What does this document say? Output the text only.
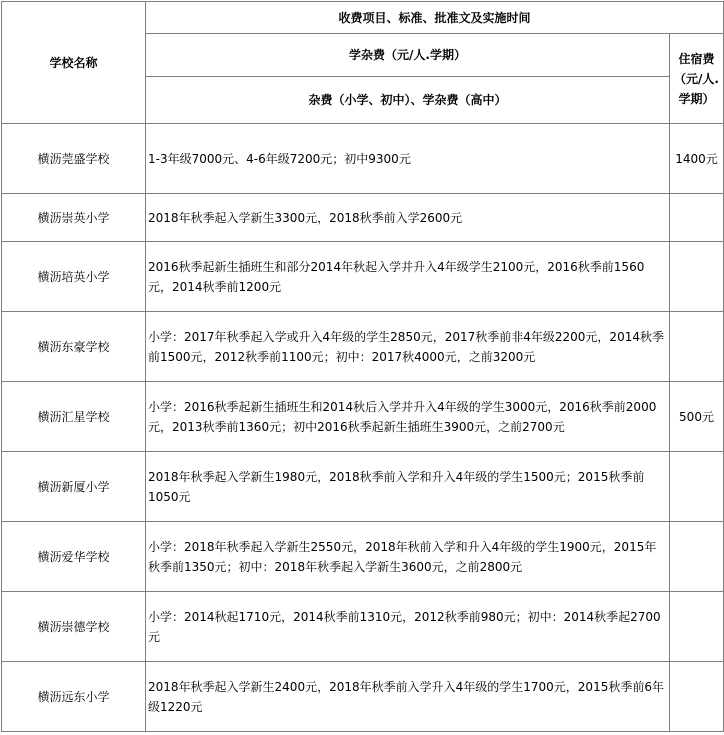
学校名称	收费项目、标准、批准文及实施时间	
	学杂费（元/人.学期）	住宿费（元/人.学期）
	杂费（小学、初中）、学杂费（高中）	
横沥莞盛学校	1-3年级7000元、4-6年级7200元；初中9300元	1400元
横沥崇英小学	2018年秋季起入学新生3300元，2018秋季前入学2600元	
横沥培英小学	2016秋季起新生插班生和部分2014年秋起入学并升入4年级学生2100元，2016秋季前1560元，2014秋季前1200元	
横沥东豪学校	小学：2017年秋季起入学或升入4年级的学生2850元，2017秋季前非4年级2200元，2014秋季前1500元，2012秋季前1100元；初中：2017秋4000元，之前3200元	
横沥汇星学校	小学：2016秋季起新生插班生和2014秋后入学并升入4年级的学生3000元，2016秋季前2000元，2013秋季前1360元；初中2016秋季起新生插班生3900元，之前2700元	500元
横沥新厦小学	2018年秋季起入学新生1980元，2018秋季前入学和升入4年级的学生1500元；2015秋季前1050元	
横沥爱华学校	小学：2018年秋季起入学新生2550元，2018年秋前入学和升入4年级的学生1900元，2015年秋季前1350元；初中：2018年秋季起入学新生3600元，之前2800元	
横沥崇德学校	小学：2014秋起1710元，2014秋季前1310元，2012秋季前980元；初中：2014秋季起2700元	
横沥远东小学	2018年秋季起入学新生2400元，2018年秋季前入学升入4年级的学生1700元，2015秋季前6年级1220元	
